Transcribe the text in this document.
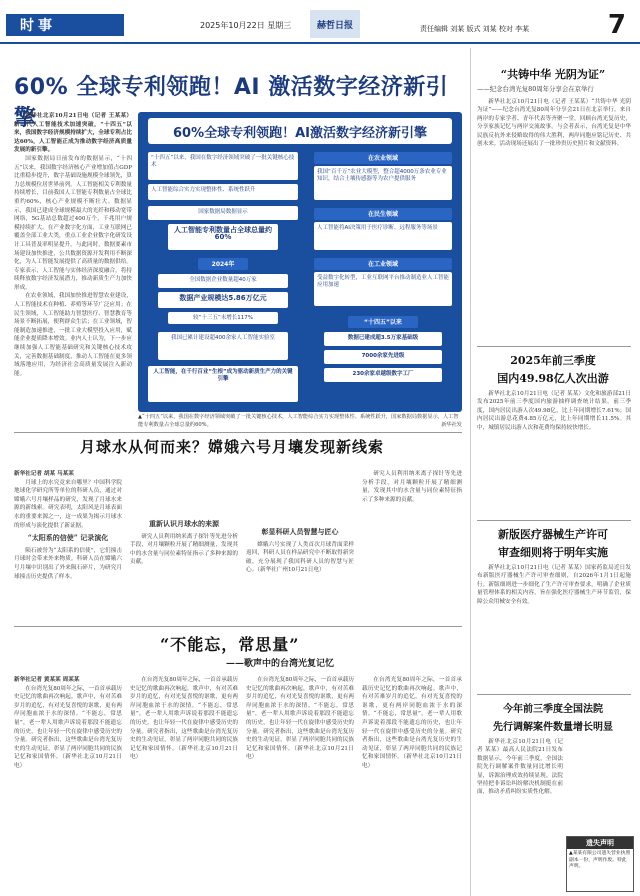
时事	2025年10月22日 星期三	赫哲日报	责任编辑 刘某 版式 刘某 校对 李某	7
60% 全球专利领跑！AI 激活数字经济新引擎

新华社北京10月21日电（记者 王某某）新一代人工智能技术加速突破，“十四五”以来，我国数字经济规模持续扩大，全球专利占比达60%，人工智能正成为推动数字经济高质量发展的新引擎。

国家数据局日前发布的数据显示，“十四五”以来，我国数字经济核心产业增加值占GDP比重稳步提升，数字基础设施规模全球领先，算力总规模位居世界前列。人工智能相关专利数量持续增长，目前我国人工智能专利数量占全球比重约60%，核心产业规模不断壮大。数据显示，我国已建成全球规模最大的光纤和移动宽带网络，5G基站总数超过400万个，千兆用户规模持续扩大。在产业数字化方面，工业互联网已覆盖全部工业大类，重点工业企业数字化研发设计工具普及率明显提升。与此同时，数据要素市场建设加快推进，公共数据资源开发利用不断深化，为人工智能发展提供了高质量的数据供给。专家表示，人工智能与实体经济深度融合，将持续释放数字经济发展潜力，推动新质生产力加快形成。

在农业领域，我国加快推进智慧农业建设，人工智能技术在种植、养殖等环节广泛应用；在民生领域，人工智能助力智慧医疗、智慧教育等场景不断拓展，便利群众生活；在工业领域，智能制造加速推进，一批工业大模型投入应用，赋能企业提质降本增效。业内人士认为，下一步应继续加强人工智能基础研究和关键核心技术攻关，完善数据基础制度，推动人工智能在更多领域落地应用，为经济社会高质量发展注入新动能。

60%全球专利领跑！AI激活数字经济新引擎
“十四五”以来，我国在数字经济领域突破了一批关键核心技术
人工智能综合实力实现整体性、系统性跃升
国家数据局数据显示
人工智能专利数量占全球总量约60%
2024年
全国数据企业数量超40万家
数据产业规模达5.86万亿元
较“十三五”末增长117%
我国已累计建设超400余家人工智能实验室
人工智能，在千行百业“生根”成为驱动新质生产力的关键引擎
在农业领域
我国“百千万”农业大模型，整合超4000万条农业专业知识，结合土壤传感器等为农户提供服务
在民生领域
人工智能将AI决策用于医疗诊断、远程服务等场景
在工业领域
受益数字化转型，工业互联网平台推动制造业人工智能应用加速
“十四五”以来
数据已建成超3.5万家基础级
7000余家先进级
230余家卓越级数字工厂
▲“十四五”以来，我国在数字经济领域突破了一批关键核心技术，人工智能综合实力实现整体性、系统性跃升，国家数据局数据显示，人工智能专利数量占全球总量约60%。	新华社发
月球水从何而来？嫦娥六号月壤发现新线索

新华社记者 胡某 马某某

月球上的水究竟来自哪里？中国科学院地球化学研究所等单位的科研人员，通过对嫦娥六号月壤样品的研究，发现了月球水来源的新线索。研究表明，太阳风是月球表面水的重要来源之一，这一成果为揭示月球水的形成与演化提供了新证据。

“太阳系的信使” 记录演化

陨石被誉为“太阳系的信使”，它们撞击月球时会带来外来物质。科研人员在嫦娥六号月壤中识别出了外来陨石碎片，为研究月球撞击历史提供了样本。

重新认识月球水的来源

研究人员利用纳米离子探针等先进分析手段，对月壤颗粒开展了精细测量，发现其中的水含量与同位素特征指示了多种来源的贡献。

彰显科研人员智慧与匠心

嫦娥六号实现了人类首次月球背面采样返回，科研人员在样品研究中不断取得新突破，充分展现了我国科研人员的智慧与匠心。（新华社广州10月21日电）

研究人员利用纳米离子探针等先进分析手段，对月壤颗粒开展了精细测量，发现其中的水含量与同位素特征指示了多种来源的贡献。

“不能忘，常思量”
——歌声中的台湾光复记忆

新华社记者 黄某某 周某某

在台湾光复80周年之际，一首首承载历史记忆的歌曲再次响起。歌声中，有对苦难岁月的追忆，有对光复喜悦的讴歌，更有两岸同胞血浓于水的深情。“不能忘，常思量”，老一辈人用歌声诉说着那段不能遗忘的历史，也让年轻一代在旋律中感受历史的分量。研究者指出，这些歌曲是台湾光复历史的生动见证，彰显了两岸同胞共同的民族记忆和家国情怀。（新华社北京10月21日电）

在台湾光复80周年之际，一首首承载历史记忆的歌曲再次响起。歌声中，有对苦难岁月的追忆，有对光复喜悦的讴歌，更有两岸同胞血浓于水的深情。“不能忘，常思量”，老一辈人用歌声诉说着那段不能遗忘的历史，也让年轻一代在旋律中感受历史的分量。研究者指出，这些歌曲是台湾光复历史的生动见证，彰显了两岸同胞共同的民族记忆和家国情怀。（新华社北京10月21日电）

在台湾光复80周年之际，一首首承载历史记忆的歌曲再次响起。歌声中，有对苦难岁月的追忆，有对光复喜悦的讴歌，更有两岸同胞血浓于水的深情。“不能忘，常思量”，老一辈人用歌声诉说着那段不能遗忘的历史，也让年轻一代在旋律中感受历史的分量。研究者指出，这些歌曲是台湾光复历史的生动见证，彰显了两岸同胞共同的民族记忆和家国情怀。（新华社北京10月21日电）

在台湾光复80周年之际，一首首承载历史记忆的歌曲再次响起。歌声中，有对苦难岁月的追忆，有对光复喜悦的讴歌，更有两岸同胞血浓于水的深情。“不能忘，常思量”，老一辈人用歌声诉说着那段不能遗忘的历史，也让年轻一代在旋律中感受历史的分量。研究者指出，这些歌曲是台湾光复历史的生动见证，彰显了两岸同胞共同的民族记忆和家国情怀。（新华社北京10月21日电）

“共铸中华 光阴为证”
——纪念台湾光复80周年分享会在京举行

新华社北京10月21日电（记者 王某某）“共铸中华 光阴为证”——纪念台湾光复80周年分享会21日在北京举行。来自两岸的专家学者、青年代表等齐聚一堂，回顾台湾光复历史，分享家族记忆与两岸交流故事。与会者表示，台湾光复是中华民族反抗外来侵略取得的伟大胜利，两岸同胞应铭记历史、共创未来。活动现场还展出了一批珍贵历史照片和文献资料。

2025年前三季度
国内49.98亿人次出游

新华社北京10月21日电（记者 某某）文化和旅游部21日发布2025年前三季度国内旅游抽样调查统计结果。前三季度，国内居民出游人次49.98亿，比上年同期增长7.61%；国内居民出游总花费4.85万亿元，比上年同期增长11.5%。其中，城镇居民出游人次和花费均保持较快增长。

新版医疗器械生产许可
审查细则将于明年实施

新华社北京10月21日电（记者 某某）国家药监局近日发布新版医疗器械生产许可审查细则，自2026年1月1日起施行。新版细则进一步细化了生产许可审查要求，明确了企业质量管理体系的相关内容，旨在强化医疗器械生产环节监管，保障公众用械安全有效。

今年前三季度全国法院
先行调解案件数量增长明显

新华社北京10月21日电（记者 某某）最高人民法院21日发布数据显示，今年前三季度，全国法院先行调解案件数量同比增长明显，诉源治理成效持续显现。法院坚持把非诉讼纠纷解决机制挺在前面，推动矛盾纠纷实质性化解。

遗失声明
▲某某有限公司遗失营业执照副本一份，声明作废。特此声明。
